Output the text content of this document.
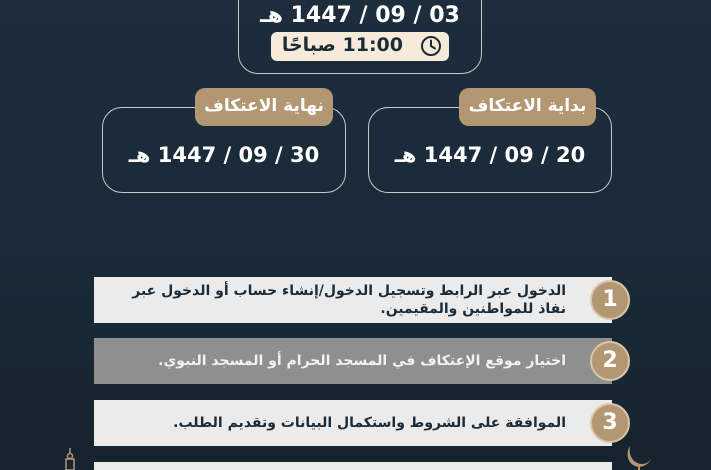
03 / 09 / 1447 هـ
11:00 صباحًا
30 / 09 / 1447 هـ
نهاية الاعتكاف
20 / 09 / 1447 هـ
بداية الاعتكاف
الدخول عبر الرابط وتسجيل الدخول/إنشاء حساب أو الدخول عبر نفاذ للمواطنين والمقيمين.	1
اختيار موقع الإعتكاف في المسجد الحرام أو المسجد النبوي.	2
الموافقة على الشروط واستكمال البيانات وتقديم الطلب.	3
